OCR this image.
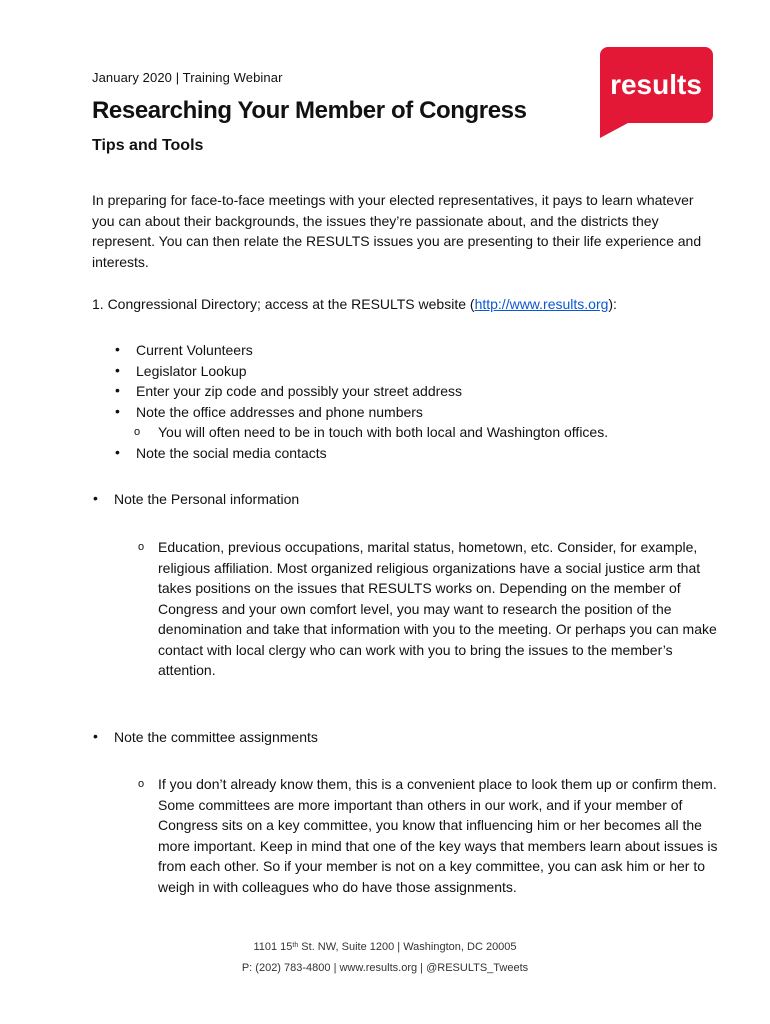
January 2020 | Training Webinar
Researching Your Member of Congress
Tips and Tools
results

In preparing for face-to-face meetings with your elected representatives, it pays to learn whatever you can about their backgrounds, the issues they’re passionate about, and the districts they represent. You can then relate the RESULTS issues you are presenting to their life experience and interests.

1. Congressional Directory; access at the RESULTS website (http://www.results.org):
• Current Volunteers
• Legislator Lookup
• Enter your zip code and possibly your street address
• Note the office addresses and phone numbers
o You will often need to be in touch with both local and Washington offices.
• Note the social media contacts
• Note the Personal information
o Education, previous occupations, marital status, hometown, etc. Consider, for example, religious affiliation. Most organized religious organizations have a social justice arm that takes positions on the issues that RESULTS works on. Depending on the member of Congress and your own comfort level, you may want to research the position of the denomination and take that information with you to the meeting. Or perhaps you can make contact with local clergy who can work with you to bring the issues to the member’s attention.
• Note the committee assignments
o If you don’t already know them, this is a convenient place to look them up or confirm them. Some committees are more important than others in our work, and if your member of Congress sits on a key committee, you know that influencing him or her becomes all the more important. Keep in mind that one of the key ways that members learn about issues is from each other. So if your member is not on a key committee, you can ask him or her to weigh in with colleagues who do have those assignments.
1101 15th St. NW, Suite 1200 | Washington, DC 20005
P: (202) 783-4800 | www.results.org | @RESULTS_Tweets
